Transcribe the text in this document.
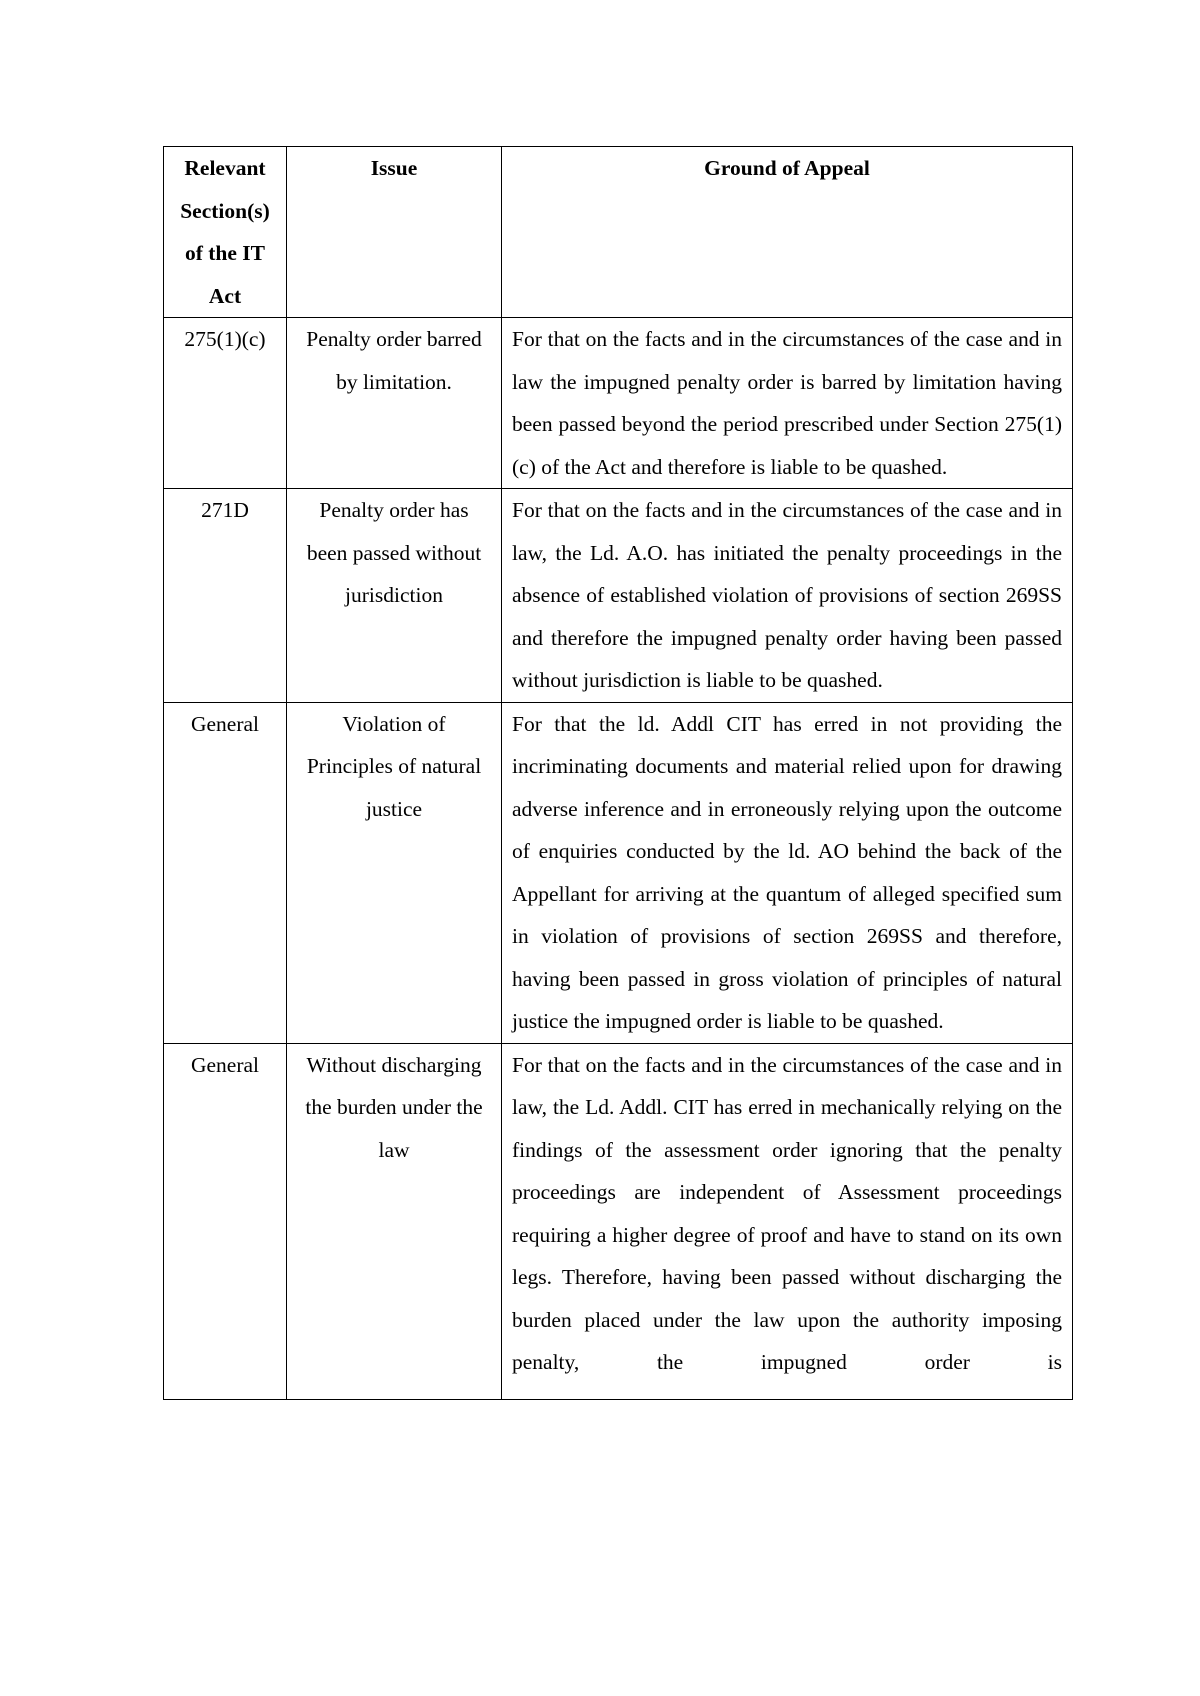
Relevant Section(s) of the IT Act	Issue	Ground of Appeal
275(1)(c)	Penalty order barred by limitation.	For that on the facts and in the circumstances of the case and in law the impugned penalty order is barred by limitation having been passed beyond the period prescribed under Section 275(1)(c) of the Act and therefore is liable to be quashed.
271D	Penalty order has been passed without jurisdiction	For that on the facts and in the circumstances of the case and in law, the Ld. A.O. has initiated the penalty proceedings in the absence of established violation of provisions of section 269SS and therefore the impugned penalty order having been passed without jurisdiction is liable to be quashed.
General	Violation of Principles of natural justice	For that the ld. Addl CIT has erred in not providing the incriminating documents and material relied upon for drawing adverse inference and in erroneously relying upon the outcome of enquiries conducted by the ld. AO behind the back of the Appellant for arriving at the quantum of alleged specified sum in violation of provisions of section 269SS and therefore, having been passed in gross violation of principles of natural justice the impugned order is liable to be quashed.
General	Without discharging the burden under the law	For that on the facts and in the circumstances of the case and in law, the Ld. Addl. CIT has erred in mechanically relying on the findings of the assessment order ignoring that the penalty proceedings are independent of Assessment proceedings requiring a higher degree of proof and have to stand on its own legs. Therefore, having been passed without discharging the burden placed under the law upon the authority imposing penalty, the impugned order is
